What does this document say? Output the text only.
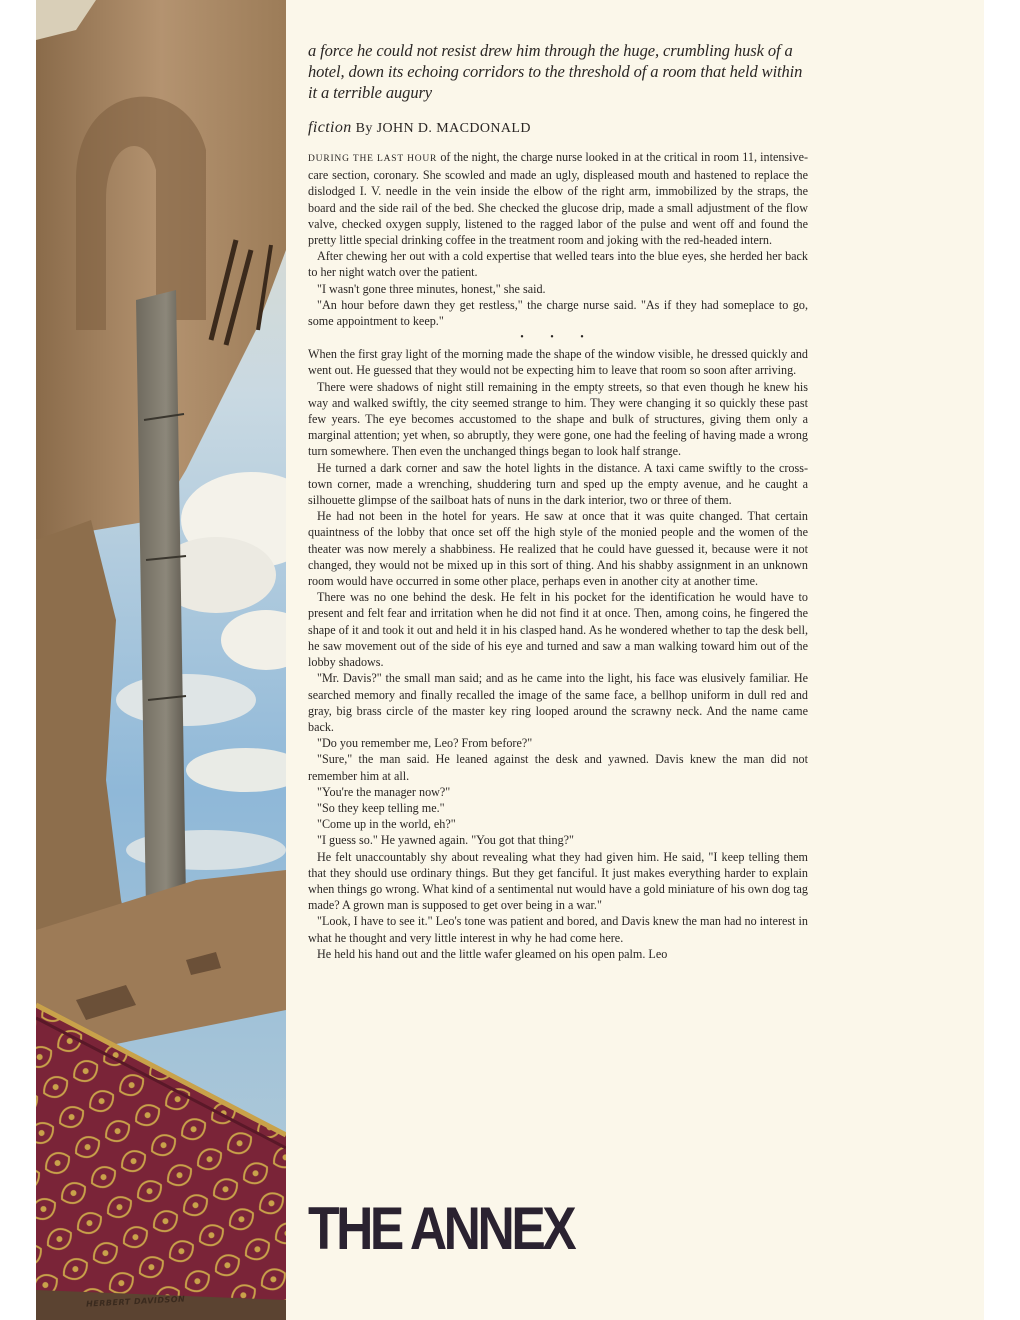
HERBERT DAVIDSON

a force he could not resist drew him through the huge, crumbling husk of a hotel, down its echoing corridors to the threshold of a room that held within it a terrible augury

fiction By JOHN D. MACDONALD

DURING THE LAST HOUR of the night, the charge nurse looked in at the critical in room 11, intensive-care section, coronary. She scowled and made an ugly, displeased mouth and hastened to replace the dislodged I. V. needle in the vein inside the elbow of the right arm, immobilized by the straps, the board and the side rail of the bed. She checked the glucose drip, made a small adjustment of the flow valve, checked oxygen supply, listened to the ragged labor of the pulse and went off and found the pretty little special drinking coffee in the treatment room and joking with the red-headed intern.

After chewing her out with a cold expertise that welled tears into the blue eyes, she herded her back to her night watch over the patient.

"I wasn't gone three minutes, honest," she said.

"An hour before dawn they get restless," the charge nurse said. "As if they had someplace to go, some appointment to keep."

• • •

When the first gray light of the morning made the shape of the window visible, he dressed quickly and went out. He guessed that they would not be expecting him to leave that room so soon after arriving.

There were shadows of night still remaining in the empty streets, so that even though he knew his way and walked swiftly, the city seemed strange to him. They were changing it so quickly these past few years. The eye becomes accustomed to the shape and bulk of structures, giving them only a marginal attention; yet when, so abruptly, they were gone, one had the feeling of having made a wrong turn somewhere. Then even the unchanged things began to look half strange.

He turned a dark corner and saw the hotel lights in the distance. A taxi came swiftly to the cross-town corner, made a wrenching, shuddering turn and sped up the empty avenue, and he caught a silhouette glimpse of the sailboat hats of nuns in the dark interior, two or three of them.

He had not been in the hotel for years. He saw at once that it was quite changed. That certain quaintness of the lobby that once set off the high style of the monied people and the women of the theater was now merely a shabbiness. He realized that he could have guessed it, because were it not changed, they would not be mixed up in this sort of thing. And his shabby assignment in an unknown room would have occurred in some other place, perhaps even in another city at another time.

There was no one behind the desk. He felt in his pocket for the identification he would have to present and felt fear and irritation when he did not find it at once. Then, among coins, he fingered the shape of it and took it out and held it in his clasped hand. As he wondered whether to tap the desk bell, he saw movement out of the side of his eye and turned and saw a man walking toward him out of the lobby shadows.

"Mr. Davis?" the small man said; and as he came into the light, his face was elusively familiar. He searched memory and finally recalled the image of the same face, a bellhop uniform in dull red and gray, big brass circle of the master key ring looped around the scrawny neck. And the name came back.

"Do you remember me, Leo? From before?"

"Sure," the man said. He leaned against the desk and yawned. Davis knew the man did not remember him at all.

"You're the manager now?"

"So they keep telling me."

"Come up in the world, eh?"

"I guess so." He yawned again. "You got that thing?"

He felt unaccountably shy about revealing what they had given him. He said, "I keep telling them that they should use ordinary things. But they get fanciful. It just makes everything harder to explain when things go wrong. What kind of a sentimental nut would have a gold miniature of his own dog tag made? A grown man is supposed to get over being in a war."

"Look, I have to see it." Leo's tone was patient and bored, and Davis knew the man had no interest in what he thought and very little interest in why he had come here.

He held his hand out and the little wafer gleamed on his open palm. Leo

THE ANNEX
